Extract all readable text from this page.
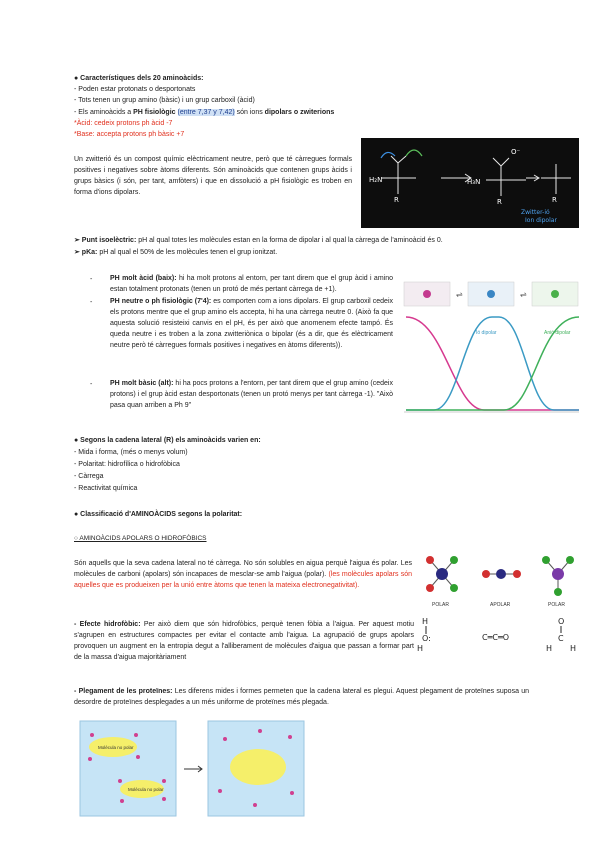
● Característiques dels 20 aminoàcids:
- Poden estar protonats o desportonats
- Tots tenen un grup amino (bàsic) i un grup carboxil (àcid)
- Els aminoàcids a PH fisiològic (entre 7,37 y 7,42) són ions dipolars o zwiterions
*Àcid: cedeix protons ph àcid -7
*Base: accepta protons ph bàsic +7
Un zwitterió és un compost químic elèctricament neutre, però que té càrregues formals positives i negatives sobre àtoms diferents. Són aminoàcids que contenen grups àcids i grups bàsics (i són, per tant, amfòters) i que en dissolució a pH fisiològic es troben en forma d'ions dipolars.
H₂N
R
H₃N
R	R
O⁻
Zwitter-ió
Ion dipolar
➢ Punt isoelèctric: pH al qual totes les molècules estan en la forma de dipolar i al qual la càrrega de l'aminoàcid és 0.
➢ pKa: pH al qual el 50% de les molècules tenen el grup ionitzat.
-	PH molt àcid (baix): hi ha molt protons al entorn, per tant direm que el grup àcid i amino estan totalment protonats (tenen un protó de més pertant càrrega de +1).
-	PH neutre o ph fisiològic (7'4): es comporten com a ions dipolars. El grup carboxil cedeix els protons mentre que el grup amino els accepta, hi ha una càrrega neutre 0. (Això fa que aquesta solució resisteixi canvis en el pH, és per això que anomenem efecte tampó. És queda neutre i es troben a la zona zwitteriònica o bipolar (és a dir, que és elèctricament neutre però té càrregues formals positives i negatives en àtoms diferents)).
-	PH molt bàsic (alt): hi ha pocs protons a l'entorn, per tant direm que el grup amino (cedeix protons) i el grup àcid estan desportonats (tenen un protó menys per tant càrrega -1). "Això pasa quan arriben a Ph 9"
⇌	⇌
Ió dipolar	Anió dipolar
● Segons la cadena lateral (R) els aminoàcids varien en:
- Mida i forma, (més o menys volum)
- Polaritat: hidrofílica o hidrofòbica
- Càrrega
- Reactivitat química
● Classificació d'AMINOÀCIDS segons la polaritat:
○ AMINOÀCIDS APOLARS O HIDROFÒBICS
Són aquells que la seva cadena lateral no té càrrega. No són solubles en aigua perquè l'aigua és polar. Les molècules de carboni (apolars) són incapaces de mesclar-se amb l'aigua (polar). (les molècules apolars són aquelles que es produeixen per la unió entre àtoms que tenen la mateixa electronegativitat).
POLAR	APOLAR	POLAR
H
O:
H
C═C═O
O
C
H H
- Efecte hidrofòbic: Per això diem que són hidrofòbics, perquè tenen fòbia a l'aigua. Per aquest motiu s'agrupen en estructures compactes per evitar el contacte amb l'aigua. La agrupació de grups apolars provoquen un augment en la entropia degut a l'alliberament de molècules d'aigua que passan a formar part de la massa d'aigua majoritàriament
- Plegament de les proteïnes: Les diferens mides i formes permeten que la cadena lateral es plegui. Aquest plegament de proteïnes suposa un desordre de proteïnes desplegades a un més uniforme de proteïnes més plegada.
Molècula no polar
Molècula no polar
